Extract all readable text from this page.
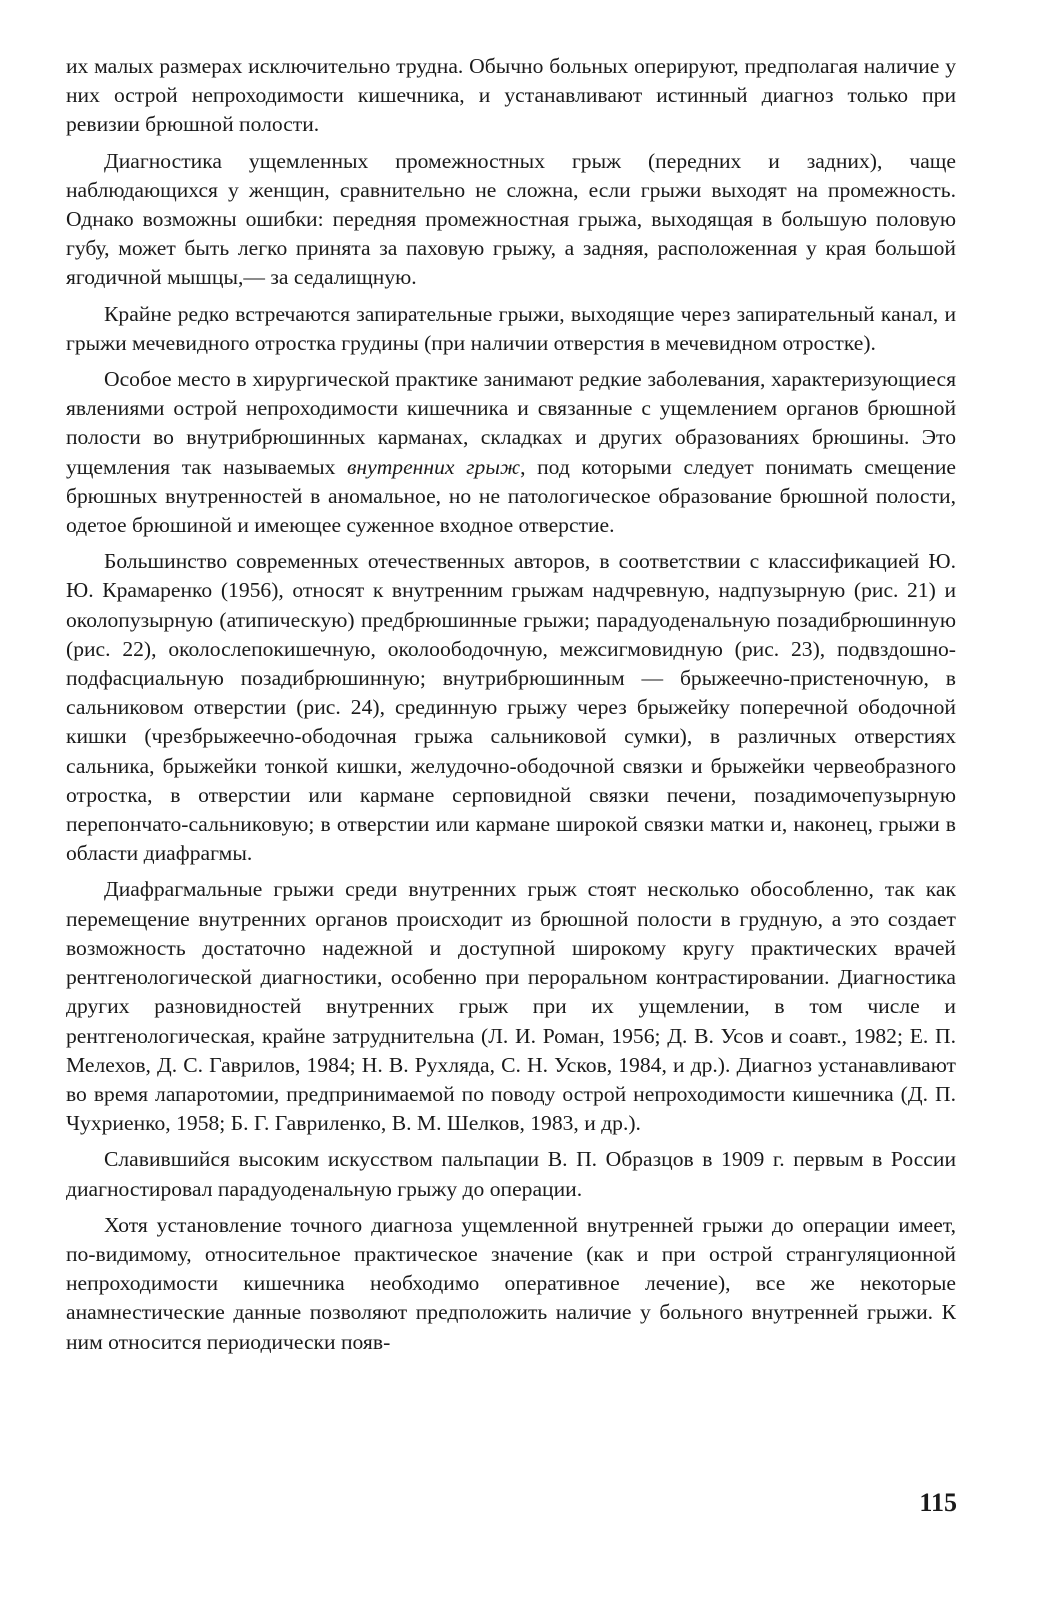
их малых размерах исключительно трудна. Обычно больных оперируют, предполагая наличие у них острой непроходимости кишечника, и устанавливают истинный диагноз только при ревизии брюшной полости.

Диагностика ущемленных промежностных грыж (передних и задних), чаще наблюдающихся у женщин, сравнительно не сложна, если грыжи выходят на промежность. Однако возможны ошибки: передняя промежностная грыжа, выходящая в большую половую губу, может быть легко принята за паховую грыжу, а задняя, расположенная у края большой ягодичной мышцы,— за седалищную.

Крайне редко встречаются запирательные грыжи, выходящие через запирательный канал, и грыжи мечевидного отростка грудины (при наличии отверстия в мечевидном отростке).

Особое место в хирургической практике занимают редкие заболевания, характеризующиеся явлениями острой непроходимости кишечника и связанные с ущемлением органов брюшной полости во внутрибрюшинных карманах, складках и других образованиях брюшины. Это ущемления так называемых внутренних грыж, под которыми следует понимать смещение брюшных внутренностей в аномальное, но не патологическое образование брюшной полости, одетое брюшиной и имеющее суженное входное отверстие.

Большинство современных отечественных авторов, в соответствии с классификацией Ю. Ю. Крамаренко (1956), относят к внутренним грыжам надчревную, надпузырную (рис. 21) и околопузырную (атипическую) предбрюшинные грыжи; парадуоденальную позадибрюшинную (рис. 22), околослепокишечную, околоободочную, межсигмовидную (рис. 23), подвздошно-подфасциальную позадибрюшинную; внутрибрюшинным — брыжеечно-пристеночную, в сальниковом отверстии (рис. 24), срединную грыжу через брыжейку поперечной ободочной кишки (чрезбрыжеечно-ободочная грыжа сальниковой сумки), в различных отверстиях сальника, брыжейки тонкой кишки, желудочно-ободочной связки и брыжейки червеобразного отростка, в отверстии или кармане серповидной связки печени, позадимочепузырную перепончато-сальниковую; в отверстии или кармане широкой связки матки и, наконец, грыжи в области диафрагмы.

Диафрагмальные грыжи среди внутренних грыж стоят несколько обособленно, так как перемещение внутренних органов происходит из брюшной полости в грудную, а это создает возможность достаточно надежной и доступной широкому кругу практических врачей рентгенологической диагностики, особенно при пероральном контрастировании. Диагностика других разновидностей внутренних грыж при их ущемлении, в том числе и рентгенологическая, крайне затруднительна (Л. И. Роман, 1956; Д. В. Усов и соавт., 1982; Е. П. Мелехов, Д. С. Гаврилов, 1984; Н. В. Рухляда, С. Н. Усков, 1984, и др.). Диагноз устанавливают во время лапаротомии, предпринимаемой по поводу острой непроходимости кишечника (Д. П. Чухриенко, 1958; Б. Г. Гавриленко, В. М. Шелков, 1983, и др.).

Славившийся высоким искусством пальпации В. П. Образцов в 1909 г. первым в России диагностировал парадуоденальную грыжу до операции.

Хотя установление точного диагноза ущемленной внутренней грыжи до операции имеет, по-видимому, относительное практическое значение (как и при острой странгуляционной непроходимости кишечника необходимо оперативное лечение), все же некоторые анамнестические данные позволяют предположить наличие у больного внутренней грыжи. К ним относится периодически появ-

115
